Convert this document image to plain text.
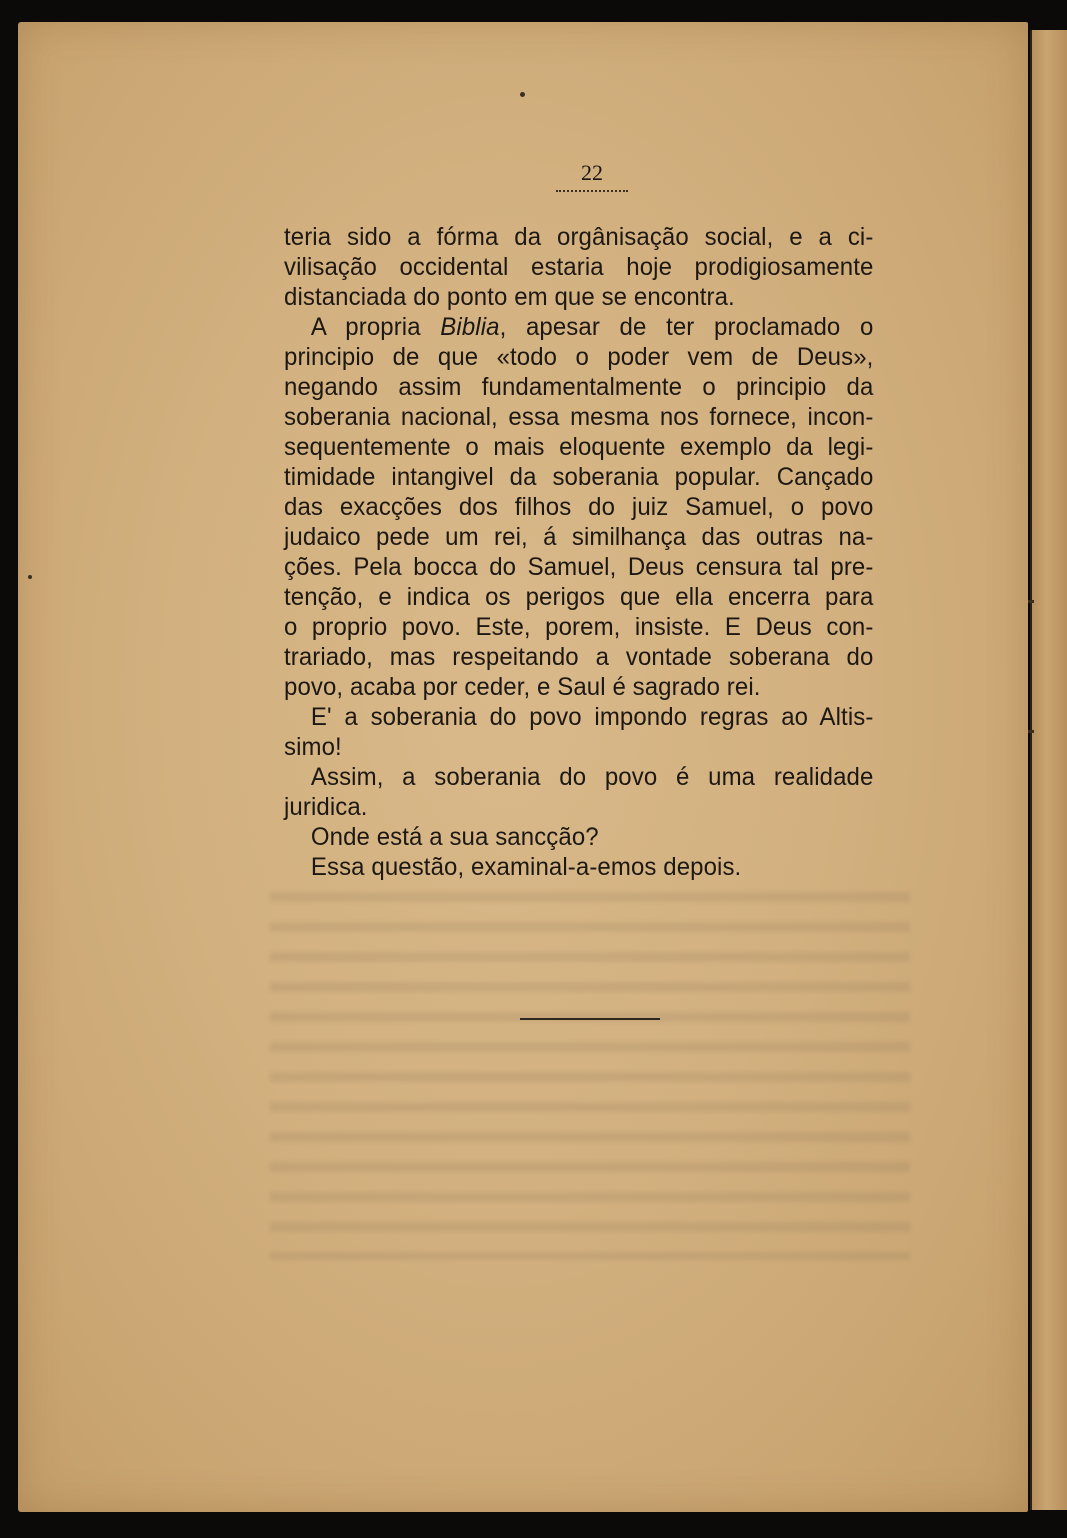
22
teria sido a fórma da orgânisação social, e a ci-
vilisação occidental estaria hoje prodigiosamente
distanciada do ponto em que se encontra.
A propria Biblia, apesar de ter proclamado o
principio de que «todo o poder vem de Deus»,
negando assim fundamentalmente o principio da
soberania nacional, essa mesma nos fornece, incon-
sequentemente o mais eloquente exemplo da legi-
timidade intangivel da soberania popular. Cançado
das exacções dos filhos do juiz Samuel, o povo
judaico pede um rei, á similhança das outras na-
ções. Pela bocca do Samuel, Deus censura tal pre-
tenção, e indica os perigos que ella encerra para
o proprio povo. Este, porem, insiste. E Deus con-
trariado, mas respeitando a vontade soberana do
povo, acaba por ceder, e Saul é sagrado rei.
E' a soberania do povo impondo regras ao Altis-
simo!
Assim, a soberania do povo é uma realidade
juridica.
Onde está a sua sancção?
Essa questão, examinal-a-emos depois.
